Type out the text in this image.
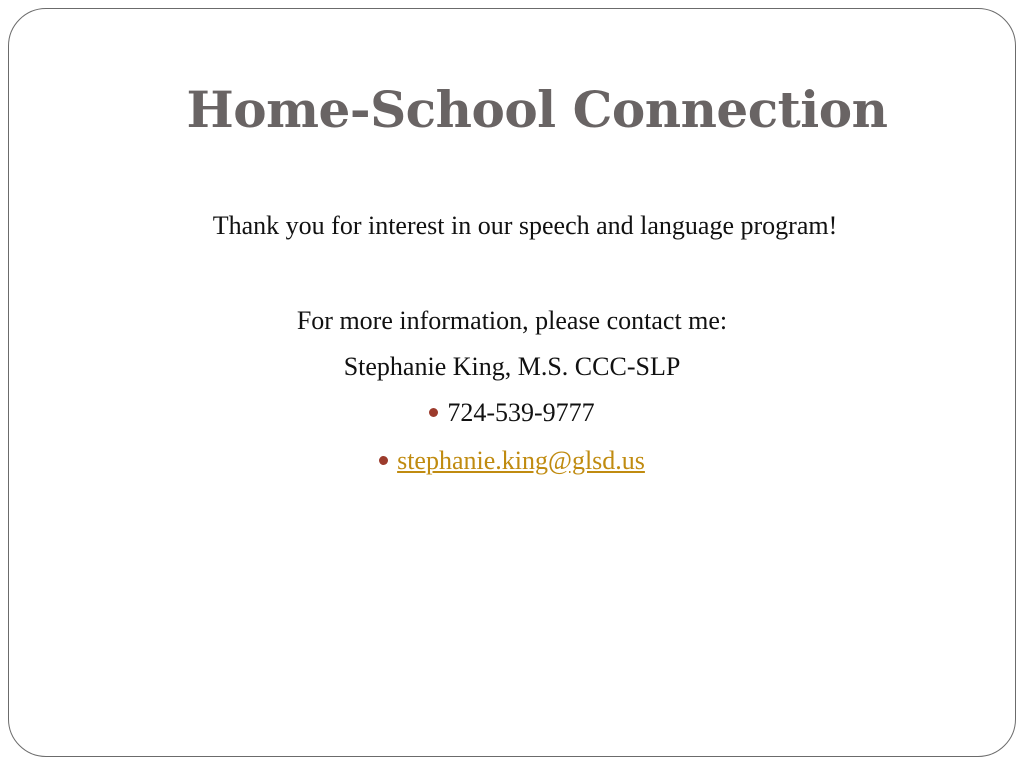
Home-School Connection
Thank you for interest in our speech and language program!
For more information, please contact me:
Stephanie King, M.S. CCC-SLP
724-539-9777
stephanie.king@glsd.us
